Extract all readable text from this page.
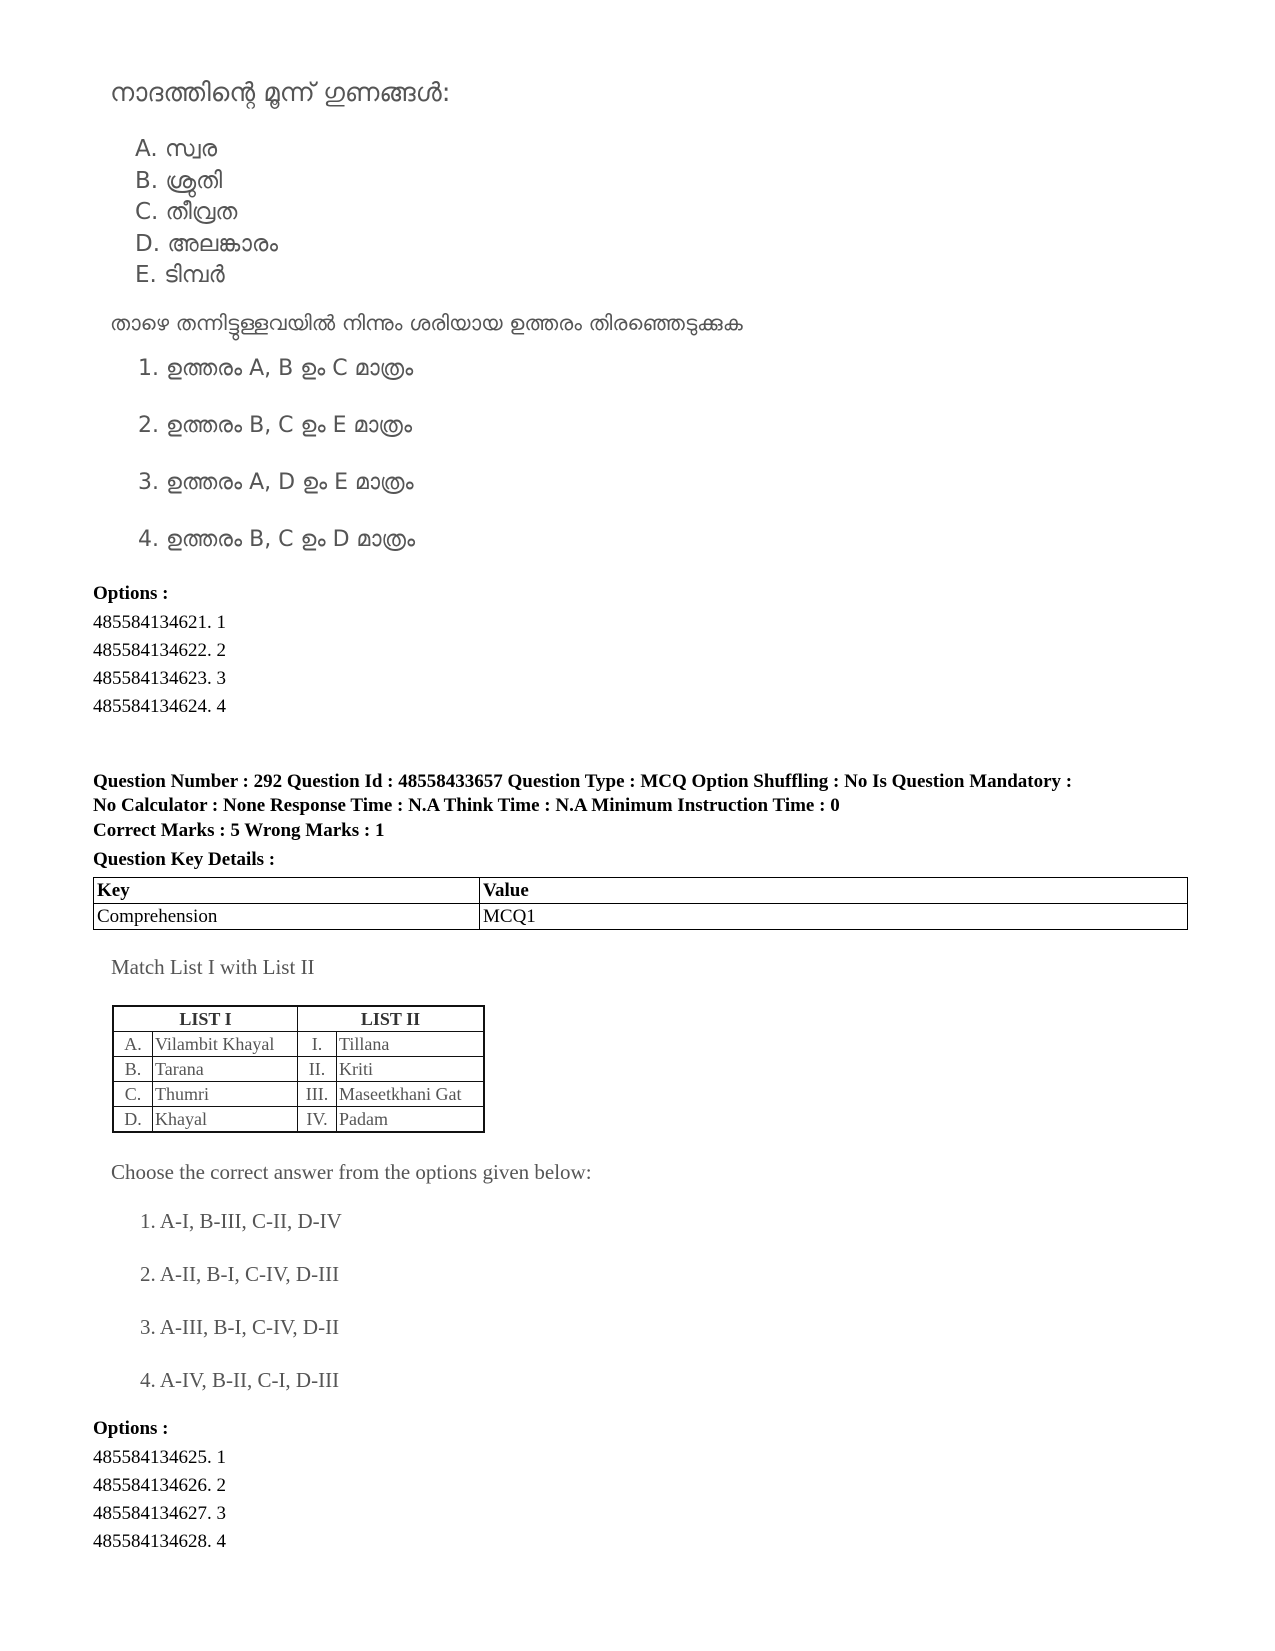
നാദത്തിന്റെ മൂന്ന് ഗുണങ്ങൾ:
A. സ്വര
B. ശ്രുതി
C. തീവ്രത
D. അലങ്കാരം
E. ടിമ്പർ
താഴെ തന്നിട്ടുള്ളവയിൽ നിന്നും ശരിയായ ഉത്തരം തിരഞ്ഞെടുക്കുക
1. ഉത്തരം A, B ഉം C മാത്രം
2. ഉത്തരം B, C ഉം E മാത്രം
3. ഉത്തരം A, D ഉം E മാത്രം
4. ഉത്തരം B, C ഉം D മാത്രം
Options :
485584134621. 1
485584134622. 2
485584134623. 3
485584134624. 4
Question Number : 292 Question Id : 48558433657 Question Type : MCQ Option Shuffling : No Is Question Mandatory :
No Calculator : None Response Time : N.A Think Time : N.A Minimum Instruction Time : 0
Correct Marks : 5 Wrong Marks : 1
Question Key Details :
Key	Value
Comprehension	MCQ1
Match List I with List II
LIST I		LIST II	
A.	Vilambit Khayal	I.	Tillana
B.	Tarana	II.	Kriti
C.	Thumri	III.	Maseetkhani Gat
D.	Khayal	IV.	Padam
Choose the correct answer from the options given below:
1. A-I, B-III, C-II, D-IV
2. A-II, B-I, C-IV, D-III
3. A-III, B-I, C-IV, D-II
4. A-IV, B-II, C-I, D-III
Options :
485584134625. 1
485584134626. 2
485584134627. 3
485584134628. 4
